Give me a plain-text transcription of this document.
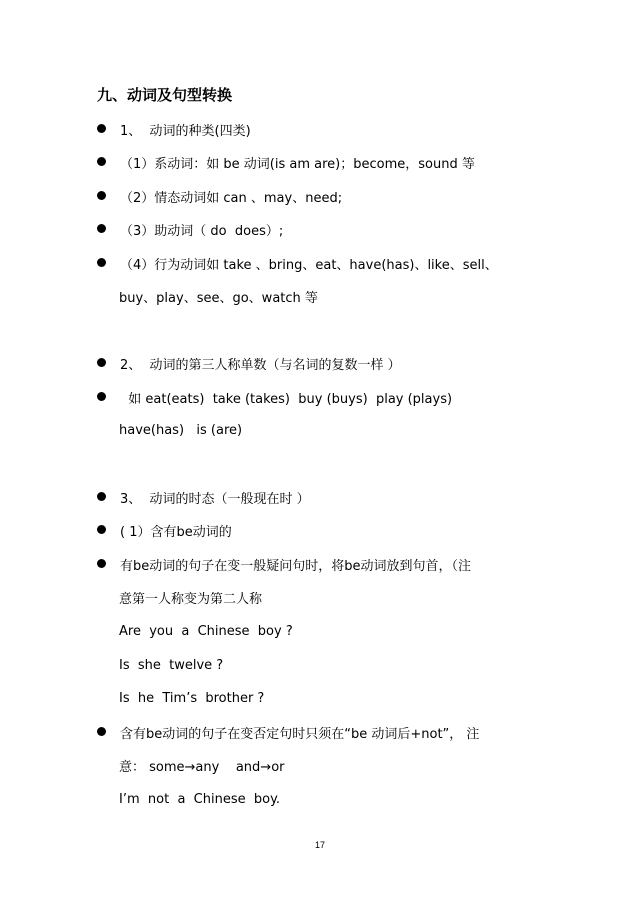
九、动词及句型转换
1、  动词的种类(四类)
（1）系动词：如 be 动词(is am are)；become，sound 等
（2）情态动词如 can 、may、need;
（3）助动词（ do  does）;
（4）行为动词如 take 、bring、eat、have(has)、like、sell、
buy、play、see、go、watch 等
2、  动词的第三人称单数（与名词的复数一样 ）
如 eat(eats)  take (takes)  buy (buys)  play (plays)
have(has)   is (are)
3、  动词的时态（一般现在时 ）
( 1）含有be动词的
有be动词的句子在变一般疑问句时，将be动词放到句首，（注
意第一人称变为第二人称
Are  you  a  Chinese  boy ?
Is  she  twelve ?
Is  he  Tim’s  brother ?
含有be动词的句子在变否定句时只须在“be 动词后+not”， 注
意： some→any    and→or
I’m  not  a  Chinese  boy.
17
